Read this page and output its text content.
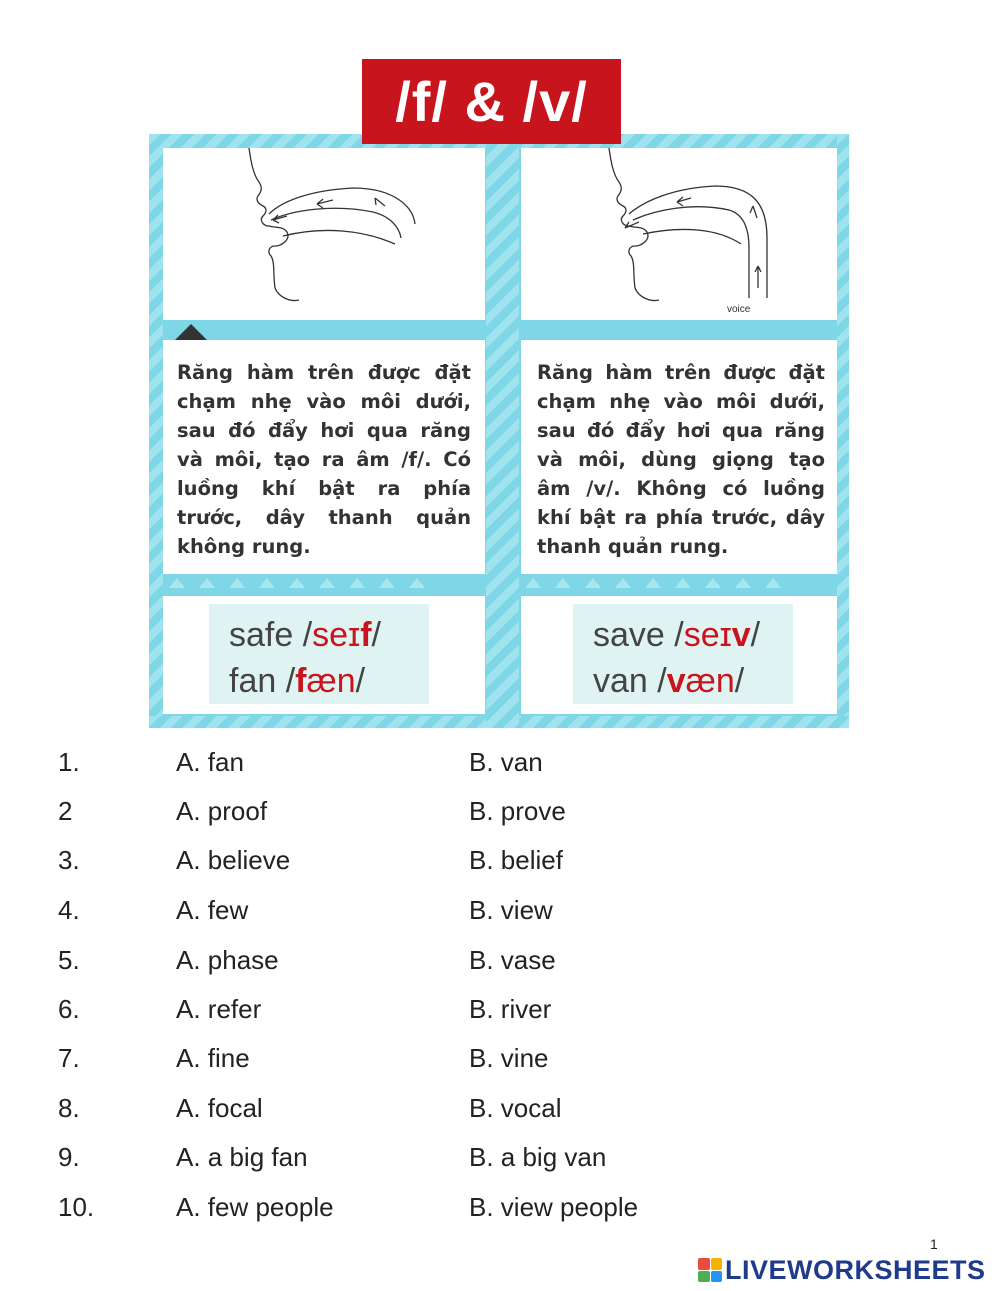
/f/ & /v/
voice
Răng hàm trên được đặt chạm nhẹ vào môi dưới, sau đó đẩy hơi qua răng và môi, tạo ra âm /f/. Có luồng khí bật ra phía trước, dây thanh quản không rung.
Răng hàm trên được đặt chạm nhẹ vào môi dưới, sau đó đẩy hơi qua răng và môi, dùng giọng tạo âm /v/. Không có luồng khí bật ra phía trước, dây thanh quản rung.
safe /seɪf/
fan /fæn/
save /seɪv/
van /væn/
1.	A. fan	B. van
2	A. proof	B. prove
3.	A. believe	B. belief
4.	A. few	B. view
5.	A. phase	B. vase
6.	A. refer	B. river
7.	A. fine	B. vine
8.	A. focal	B. vocal
9.	A. a big fan	B. a big van
10.	A. few people	B. view people
1
LIVEWORKSHEETS
